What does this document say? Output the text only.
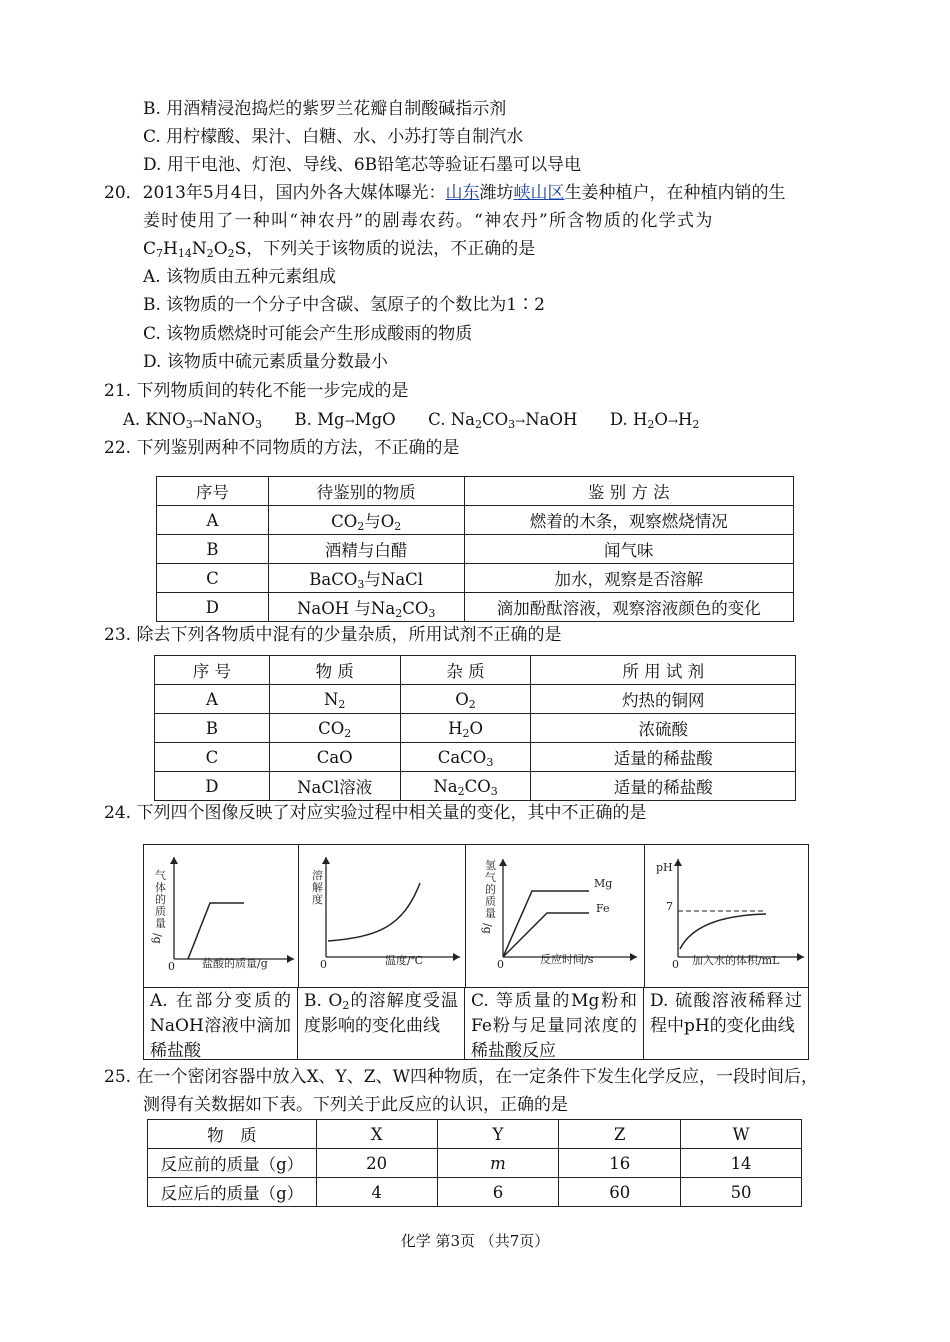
B. 用酒精浸泡捣烂的紫罗兰花瓣自制酸碱指示剂
C. 用柠檬酸、果汁、白糖、水、小苏打等自制汽水
D. 用干电池、灯泡、导线、6B铅笔芯等验证石墨可以导电
20．2013年5月4日，国内外各大媒体曝光：山东潍坊峡山区生姜种植户，在种植内销的生
姜时使用了一种叫“神农丹”的剧毒农药。“神农丹”所含物质的化学式为
$C_7H_{14}N_2O_2S$，下列关于该物质的说法，不正确的是
A. 该物质由五种元素组成
B. 该物质的一个分子中含碳、氢原子的个数比为1∶2
C. 该物质燃烧时可能会产生形成酸雨的物质
D. 该物质中硫元素质量分数最小
21. 下列物质间的转化不能一步完成的是
A. $KNO_3\to NaNO_3$ B. Mg→MgO C. $Na_2CO_3\to NaOH$  D. $H_2O\to H_2$
22. 下列鉴别两种不同物质的方法，不正确的是
序号	待鉴别的物质	鉴 别 方 法
A	$CO_2$与$O_2$	燃着的木条，观察燃烧情况
B	酒精与白醋	闻气味
C	BaCO$_3$与NaCl	加水，观察是否溶解
D	NaOH 与$Na_2CO_3$	滴加酚酞溶液，观察溶液颜色的变化
23. 除去下列各物质中混有的少量杂质，所用试剂不正确的是
序 号	物 质	杂 质	所 用 试 剂
A	$N_2$	$O_2$	灼热的铜网
B	$CO_2$	$H_2O$	浓硫酸
C	CaO	CaCO$_3$	适量的稀盐酸
D	NaCl溶液	$Na_2CO_3$	适量的稀盐酸
24. 下列四个图像反映了对应实验过程中相关量的变化，其中不正确的是
气
体
的
质
量
/g
0 盐酸的质量/g
溶
解
度
0	温度/℃
Mg
Fe
氢
气
的
质
量
/g
0	反应时间/s
pH
7
0 加入水的体积/mL
A. 在部分变质的NaOH溶液中滴加稀盐酸
B. $O_2$的溶解度受温度影响的变化曲线
C. 等质量的Mg粉和Fe粉与足量同浓度的稀盐酸反应
D. 硫酸溶液稀释过程中pH的变化曲线
25. 在一个密闭容器中放入X、Y、Z、W四种物质，在一定条件下发生化学反应，一段时间后，
测得有关数据如下表。下列关于此反应的认识，正确的是
物　质	X	Y	Z	W
反应前的质量（g）	20	m	16	14
反应后的质量（g）	4	6	60	50
化学 第3页 （共7页）
